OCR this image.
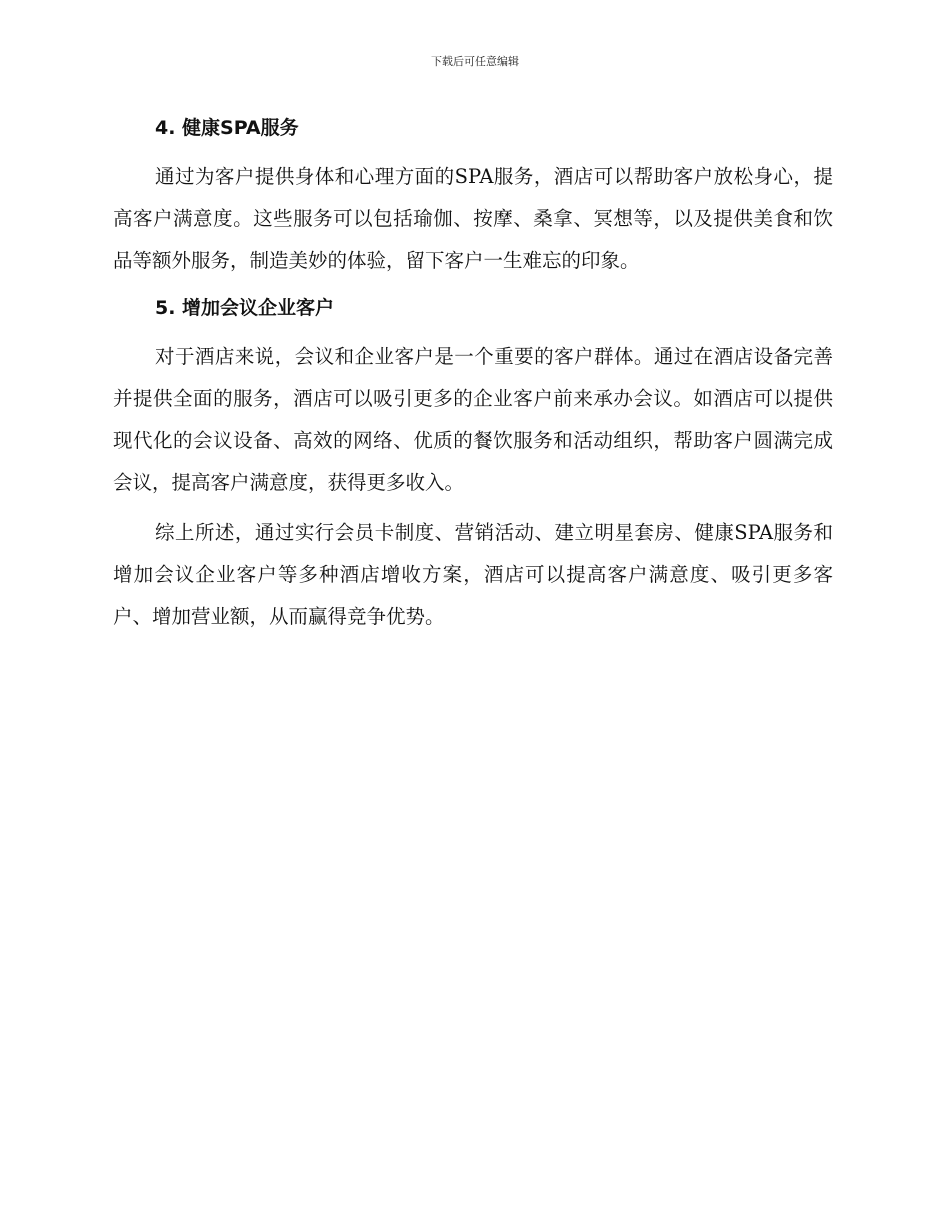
下载后可任意编辑
4. 健康SPA服务

通过为客户提供身体和心理方面的SPA服务，酒店可以帮助客户放松身心，提高客户满意度。这些服务可以包括瑜伽、按摩、桑拿、冥想等，以及提供美食和饮品等额外服务，制造美妙的体验，留下客户一生难忘的印象。

5. 增加会议企业客户

对于酒店来说，会议和企业客户是一个重要的客户群体。通过在酒店设备完善并提供全面的服务，酒店可以吸引更多的企业客户前来承办会议。如酒店可以提供现代化的会议设备、高效的网络、优质的餐饮服务和活动组织，帮助客户圆满完成会议，提高客户满意度，获得更多收入。

综上所述，通过实行会员卡制度、营销活动、建立明星套房、健康SPA服务和增加会议企业客户等多种酒店增收方案，酒店可以提高客户满意度、吸引更多客户、增加营业额，从而赢得竞争优势。
